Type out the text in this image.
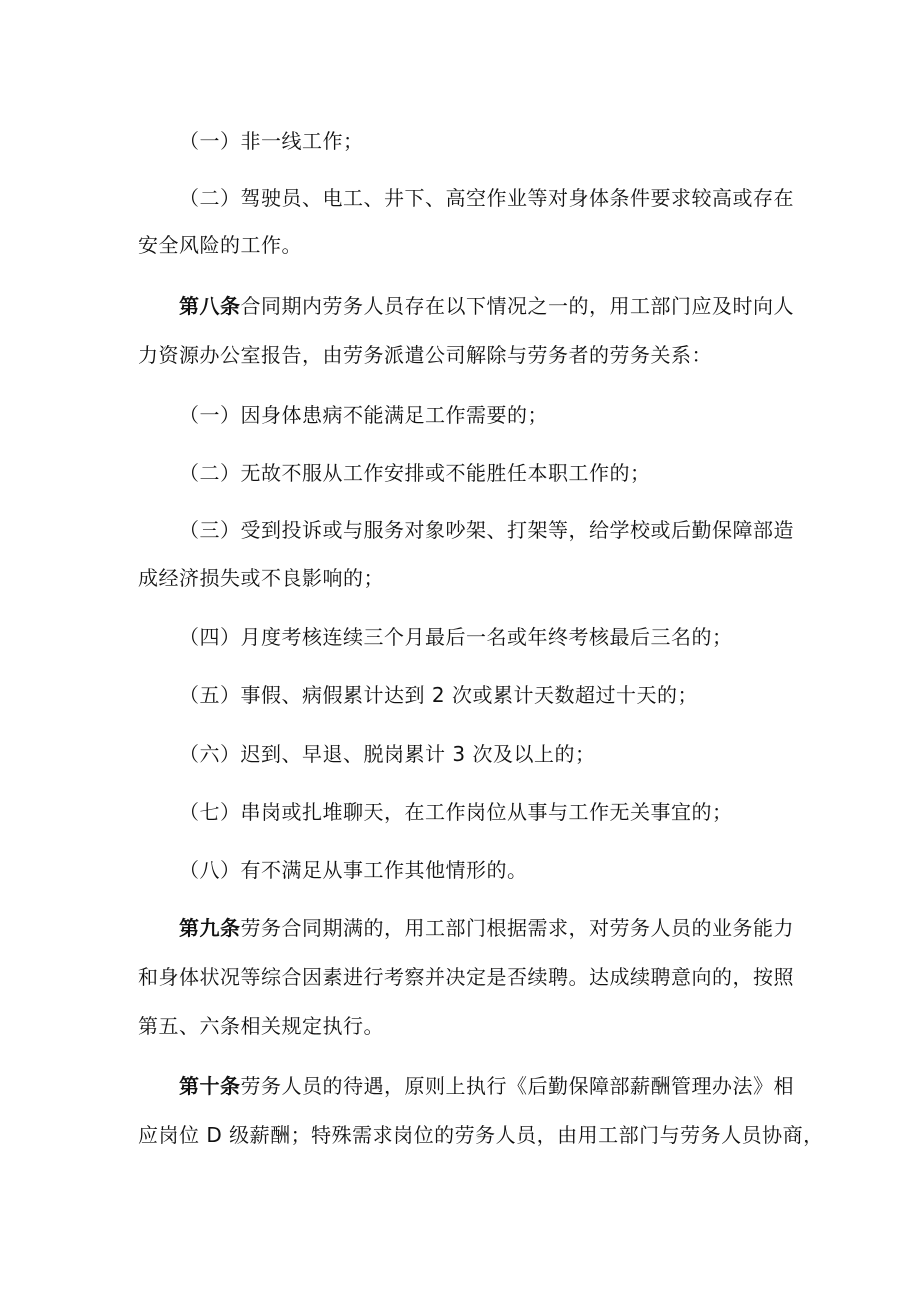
（一）非一线工作；
（二）驾驶员、电工、井下、高空作业等对身体条件要求较高或存在
安全风险的工作。
第八条合同期内劳务人员存在以下情况之一的，用工部门应及时向人
力资源办公室报告，由劳务派遣公司解除与劳务者的劳务关系：
（一）因身体患病不能满足工作需要的；
（二）无故不服从工作安排或不能胜任本职工作的；
（三）受到投诉或与服务对象吵架、打架等，给学校或后勤保障部造
成经济损失或不良影响的；
（四）月度考核连续三个月最后一名或年终考核最后三名的；
（五）事假、病假累计达到 2 次或累计天数超过十天的；
（六）迟到、早退、脱岗累计 3 次及以上的；
（七）串岗或扎堆聊天，在工作岗位从事与工作无关事宜的；
（八）有不满足从事工作其他情形的。
第九条劳务合同期满的，用工部门根据需求，对劳务人员的业务能力
和身体状况等综合因素进行考察并决定是否续聘。达成续聘意向的，按照
第五、六条相关规定执行。
第十条劳务人员的待遇，原则上执行《后勤保障部薪酬管理办法》相
应岗位 D 级薪酬；特殊需求岗位的劳务人员，由用工部门与劳务人员协商，
